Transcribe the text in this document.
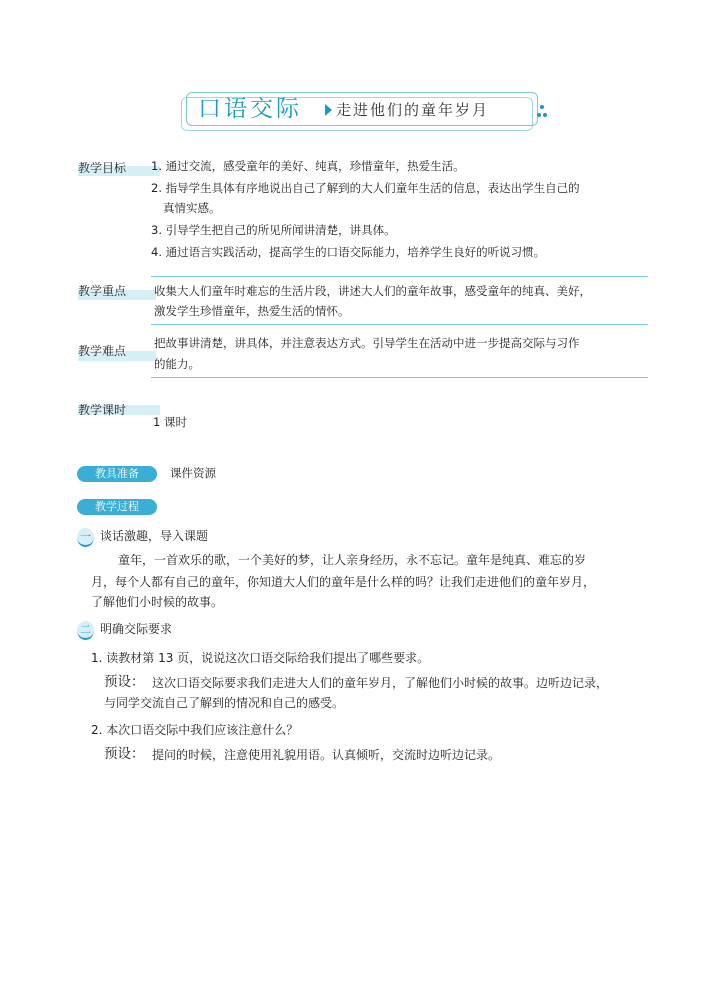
口语交际 走进他们的童年岁月
教学目标 1. 通过交流，感受童年的美好、纯真，珍惜童年，热爱生活。
2. 指导学生具体有序地说出自己了解到的大人们童年生活的信息，表达出学生自己的
真情实感。
3. 引导学生把自己的所见所闻讲清楚，讲具体。
4. 通过语言实践活动，提高学生的口语交际能力，培养学生良好的听说习惯。
教学重点 收集大人们童年时难忘的生活片段，讲述大人们的童年故事，感受童年的纯真、美好，
激发学生珍惜童年，热爱生活的情怀。
教学难点
把故事讲清楚，讲具体，并注意表达方式。引导学生在活动中进一步提高交际与习作
的能力。
教学课时
1 课时
教具准备	课件资源
教学过程
一 谈话激趣，导入课题
童年，一首欢乐的歌，一个美好的梦，让人亲身经历，永不忘记。童年是纯真、难忘的岁
月，每个人都有自己的童年，你知道大人们的童年是什么样的吗？让我们走进他们的童年岁月，
了解他们小时候的故事。
二 明确交际要求
1. 读教材第 13 页，说说这次口语交际给我们提出了哪些要求。
预设： 这次口语交际要求我们走进大人们的童年岁月，了解他们小时候的故事。边听边记录，
与同学交流自己了解到的情况和自己的感受。
2. 本次口语交际中我们应该注意什么？
预设： 提问的时候，注意使用礼貌用语。认真倾听，交流时边听边记录。
